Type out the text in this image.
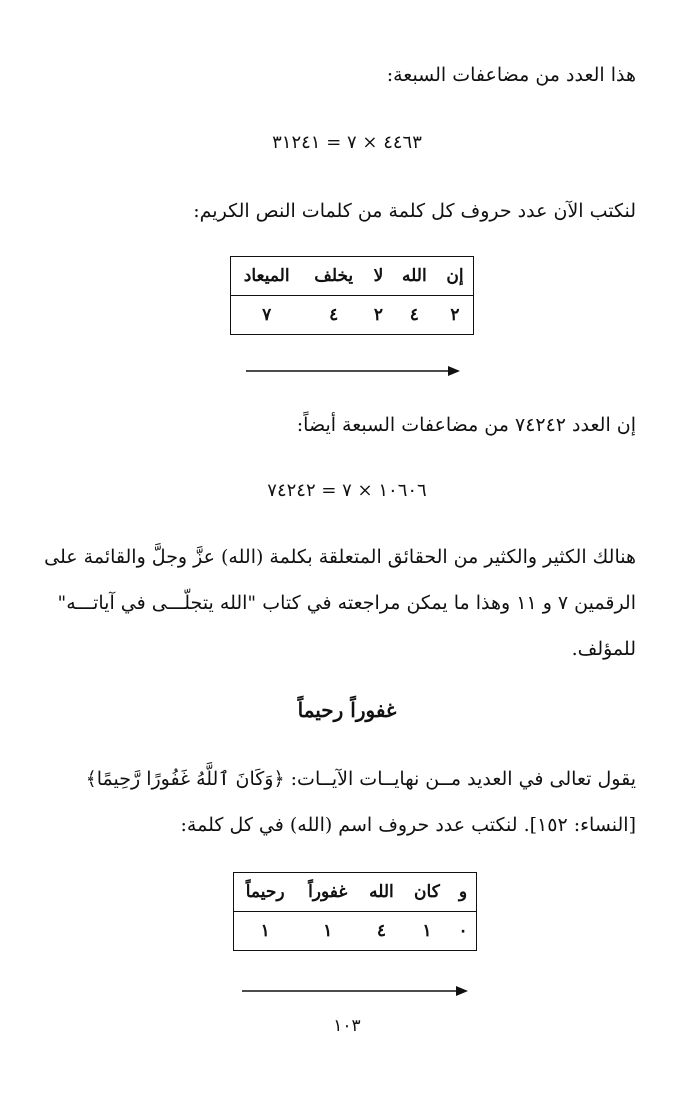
هذا العدد من مضاعفات السبعة:
٤٤٦٣ × ٧ = ٣١٢٤١
لنكتب الآن عدد حروف كل كلمة من كلمات النص الكريم:
إن	الله	لا	يخلف	الميعاد
٢	٤	٢	٤	٧
إن العدد ٧٤٢٤٢ من مضاعفات السبعة أيضاً:
١٠٦٠٦ × ٧ = ٧٤٢٤٢
هنالك الكثير والكثير من الحقائق المتعلقة بكلمة (الله) عزَّ وجلَّ والقائمة على
الرقمين ٧ و ١١ وهذا ما يمكن مراجعته في كتاب "الله يتجلّـــى في آياتـــه"
للمؤلف.
غفوراً رحيماً
يقول تعالى في العديد مــن نهايــات الآيــات: ﴿وَكَانَ ٱللَّهُ غَفُورًا رَّحِيمًا﴾
[النساء: ١٥٢]. لنكتب عدد حروف اسم (الله) في كل كلمة:
و	كان	الله	غفوراً	رحيماً
٠	١	٤	١	١
١٠٣
